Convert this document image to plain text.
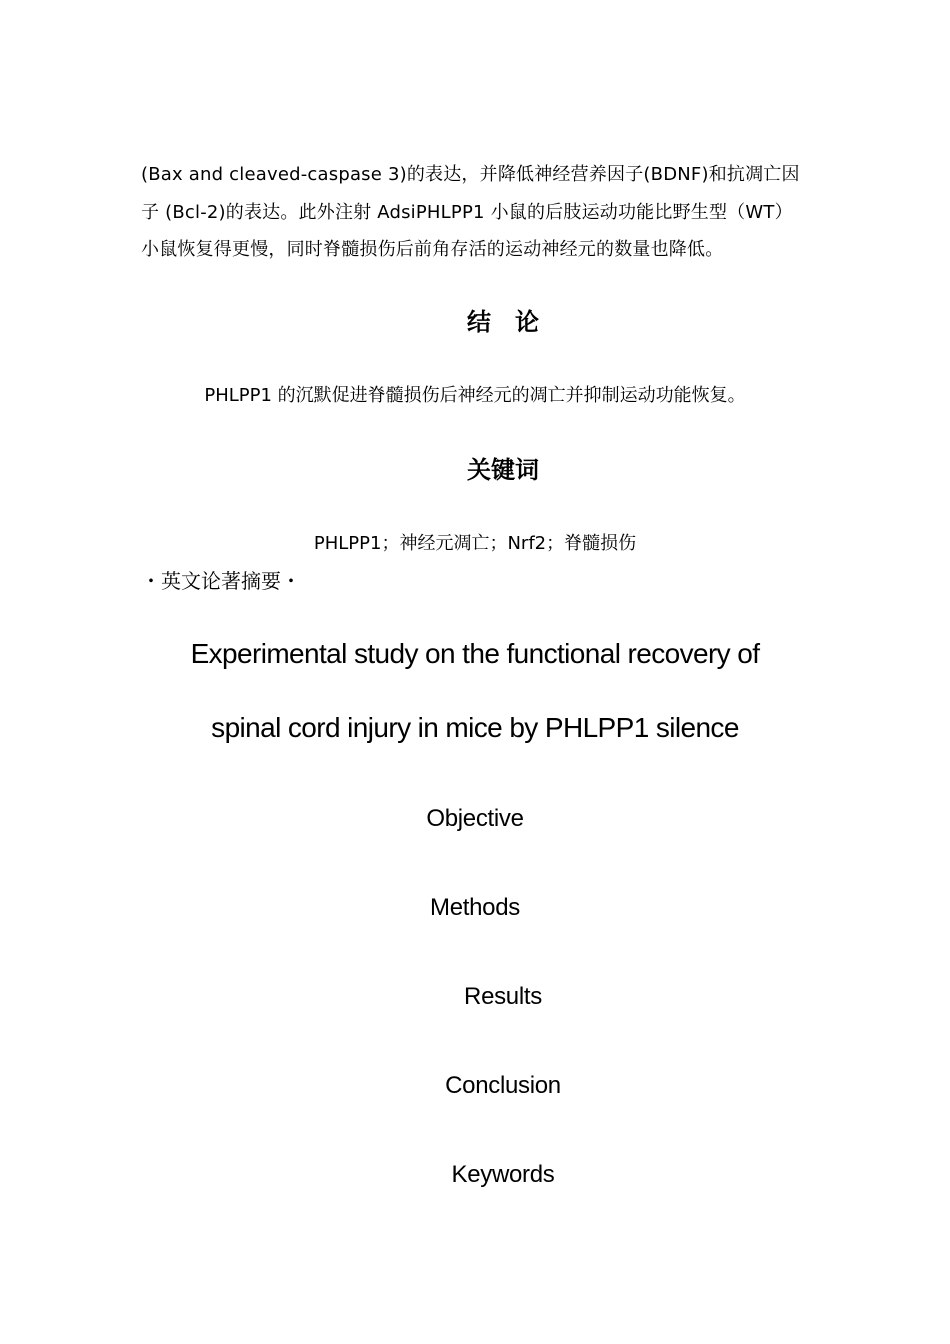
(Bax and cleaved-caspase 3)的表达，并降低神经营养因子(BDNF)和抗凋亡因
子 (Bcl-2)的表达。此外注射 AdsiPHLPP1 小鼠的后肢运动功能比野生型（WT）
小鼠恢复得更慢，同时脊髓损伤后前角存活的运动神经元的数量也降低。
结　论
PHLPP1 的沉默促进脊髓损伤后神经元的凋亡并抑制运动功能恢复。
关键词
PHLPP1；神经元凋亡；Nrf2；脊髓损伤
・英文论著摘要・
Experimental study on the functional recovery of
spinal cord injury in mice by PHLPP1 silence
Objective
Methods
Results
Conclusion
Keywords
